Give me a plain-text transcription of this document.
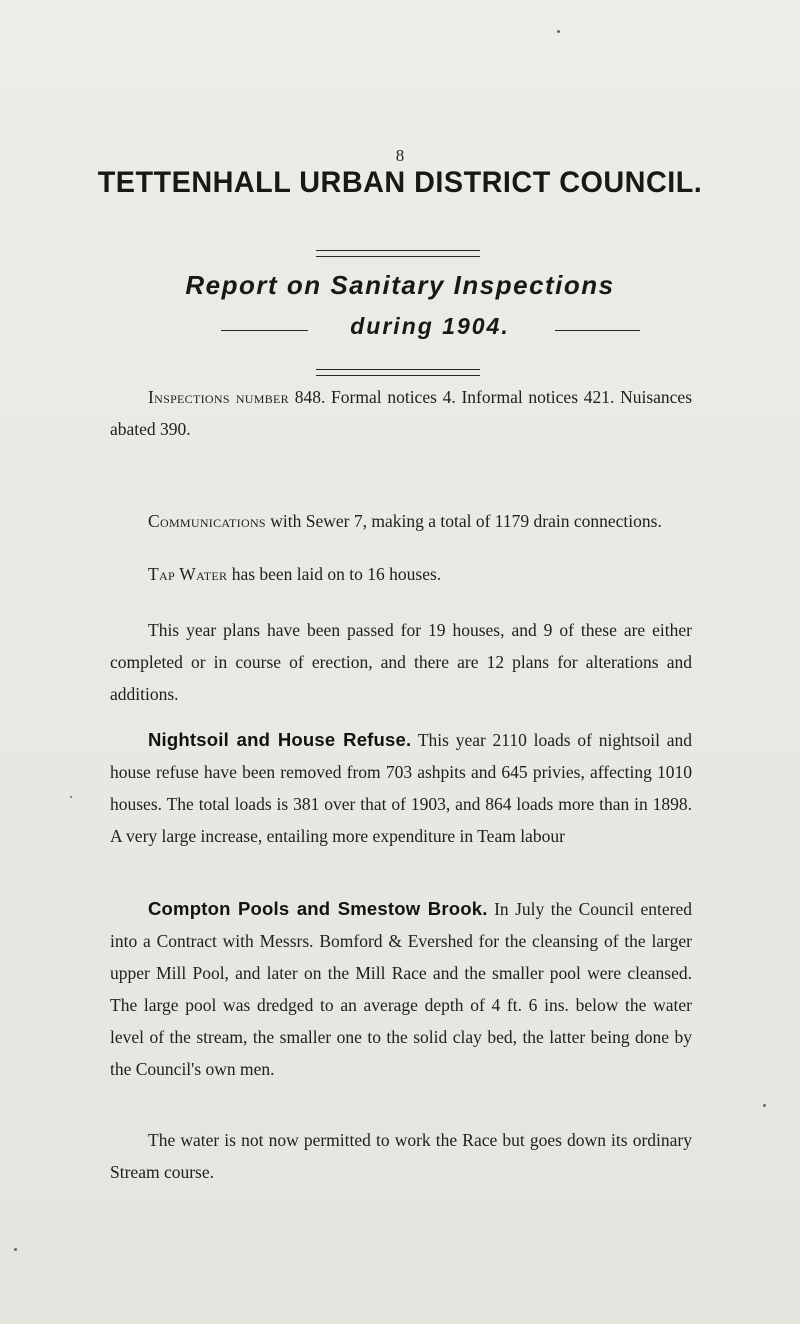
8
TETTENHALL URBAN DISTRICT COUNCIL.
Report on Sanitary Inspections
during 1904.
Inspections number 848. Formal notices 4. Informal notices 421. Nuisances abated 390.
Communications with Sewer 7, making a total of 1179 drain connections.
Tap Water has been laid on to 16 houses.
This year plans have been passed for 19 houses, and 9 of these are either completed or in course of erection, and there are 12 plans for alterations and additions.
Nightsoil and House Refuse. This year 2110 loads of nightsoil and house refuse have been removed from 703 ashpits and 645 privies, affecting 1010 houses. The total loads is 381 over that of 1903, and 864 loads more than in 1898. A very large increase, entailing more expenditure in Team labour
Compton Pools and Smestow Brook. In July the Council entered into a Contract with Messrs. Bomford & Evershed for the cleansing of the larger upper Mill Pool, and later on the Mill Race and the smaller pool were cleansed. The large pool was dredged to an average depth of 4 ft. 6 ins. below the water level of the stream, the smaller one to the solid clay bed, the latter being done by the Council's own men.
The water is not now permitted to work the Race but goes down its ordinary Stream course.
